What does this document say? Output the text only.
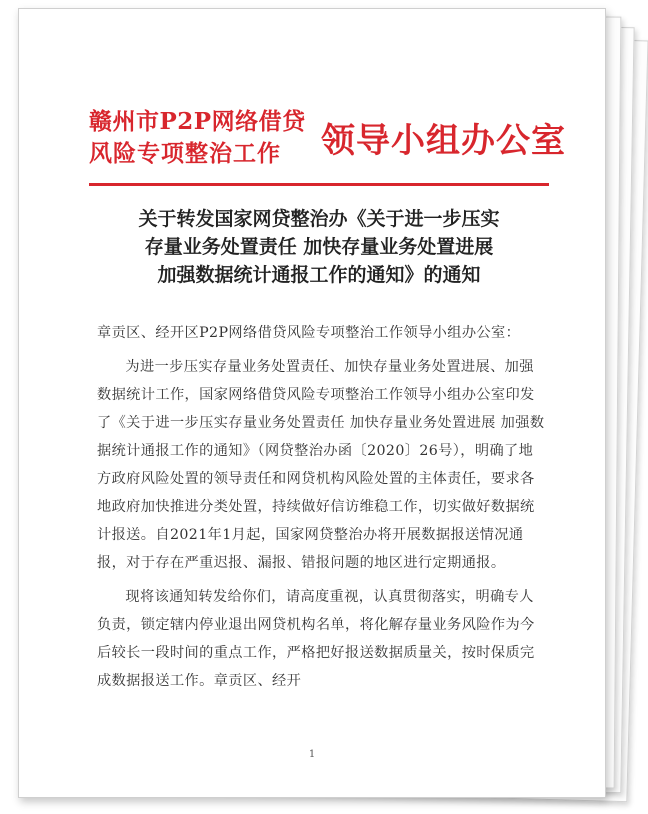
赣州市P2P网络借贷
风险专项整治工作	领导小组办公室
关于转发国家网贷整治办《关于进一步压实
存量业务处置责任 加快存量业务处置进展
加强数据统计通报工作的通知》的通知

章贡区、经开区P2P网络借贷风险专项整治工作领导小组办公室：

为进一步压实存量业务处置责任、加快存量业务处置进展、加强数据统计工作，国家网络借贷风险专项整治工作领导小组办公室印发了《关于进一步压实存量业务处置责任 加快存量业务处置进展 加强数据统计通报工作的通知》（网贷整治办函〔2020〕26号），明确了地方政府风险处置的领导责任和网贷机构风险处置的主体责任，要求各地政府加快推进分类处置，持续做好信访维稳工作，切实做好数据统计报送。自2021年1月起，国家网贷整治办将开展数据报送情况通报，对于存在严重迟报、漏报、错报问题的地区进行定期通报。

现将该通知转发给你们，请高度重视，认真贯彻落实，明确专人负责，锁定辖内停业退出网贷机构名单，将化解存量业务风险作为今后较长一段时间的重点工作，严格把好报送数据质量关，按时保质完成数据报送工作。章贡区、经开

1
